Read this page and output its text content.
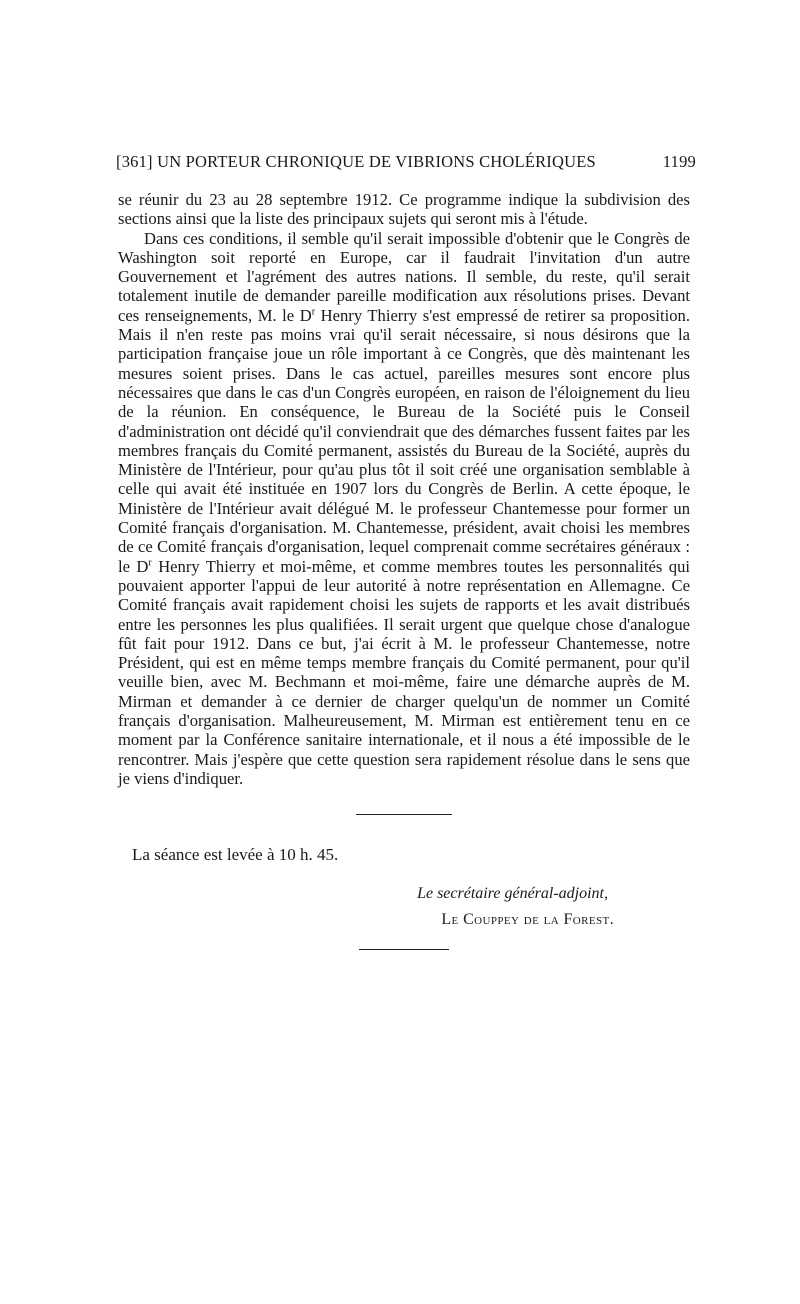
[361] UN PORTEUR CHRONIQUE DE VIBRIONS CHOLÉRIQUES	1199

se réunir du 23 au 28 septembre 1912. Ce programme indique la subdivision des sections ainsi que la liste des principaux sujets qui seront mis à l'étude.

Dans ces conditions, il semble qu'il serait impossible d'obtenir que le Congrès de Washington soit reporté en Europe, car il faudrait l'invitation d'un autre Gouvernement et l'agrément des autres nations. Il semble, du reste, qu'il serait totalement inutile de demander pareille modification aux résolutions prises. Devant ces renseignements, M. le $D^r$ Henry Thierry s'est empressé de retirer sa proposition. Mais il n'en reste pas moins vrai qu'il serait nécessaire, si nous désirons que la participation française joue un rôle important à ce Congrès, que dès maintenant les mesures soient prises. Dans le cas actuel, pareilles mesures sont encore plus nécessaires que dans le cas d'un Congrès européen, en raison de l'éloignement du lieu de la réunion. En conséquence, le Bureau de la Société puis le Conseil d'administration ont décidé qu'il conviendrait que des démarches fussent faites par les membres français du Comité permanent, assistés du Bureau de la Société, auprès du Ministère de l'Intérieur, pour qu'au plus tôt il soit créé une organisation semblable à celle qui avait été instituée en 1907 lors du Congrès de Berlin. A cette époque, le Ministère de l'Intérieur avait délégué M. le professeur Chantemesse pour former un Comité français d'organisation. M. Chantemesse, président, avait choisi les membres de ce Comité français d'organisation, lequel comprenait comme secrétaires généraux : le $D^r$ Henry Thierry et moi-même, et comme membres toutes les personnalités qui pouvaient apporter l'appui de leur autorité à notre représentation en Allemagne. Ce Comité français avait rapidement choisi les sujets de rapports et les avait distribués entre les personnes les plus qualifiées. Il serait urgent que quelque chose d'analogue fût fait pour 1912. Dans ce but, j'ai écrit à M. le professeur Chantemesse, notre Président, qui est en même temps membre français du Comité permanent, pour qu'il veuille bien, avec M. Bechmann et moi-même, faire une démarche auprès de M. Mirman et demander à ce dernier de charger quelqu'un de nommer un Comité français d'organisation. Malheureusement, M. Mirman est entièrement tenu en ce moment par la Conférence sanitaire internationale, et il nous a été impossible de le rencontrer. Mais j'espère que cette question sera rapidement résolue dans le sens que je viens d'indiquer.

La séance est levée à 10 h. 45.
Le secrétaire général-adjoint,
Le Couppey de la Forest.
